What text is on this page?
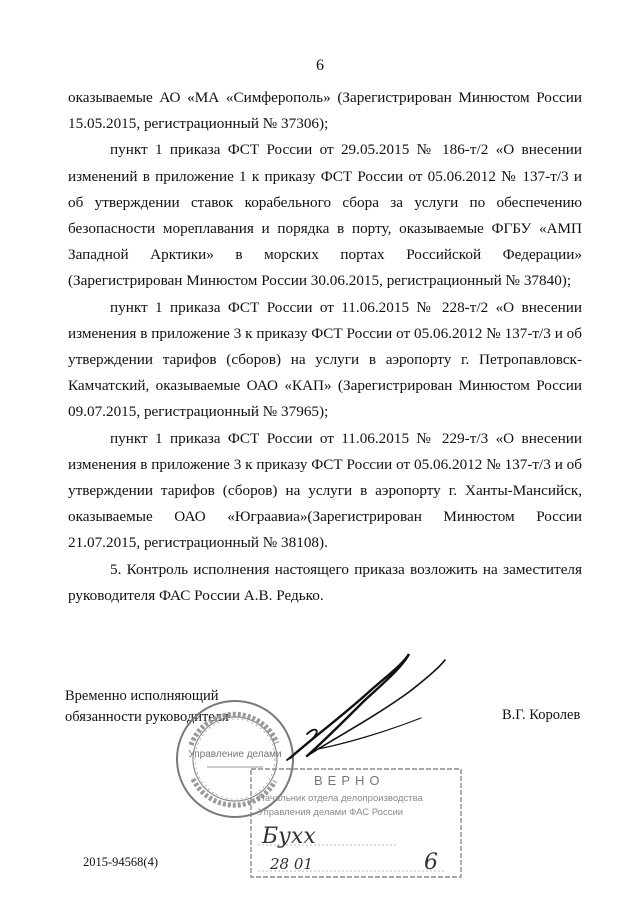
6

оказываемые АО «МА «Симферополь» (Зарегистрирован Минюстом России 15.05.2015, регистрационный № 37306);

пункт 1 приказа ФСТ России от 29.05.2015 № 186-т/2 «О внесении изменений в приложение 1 к приказу ФСТ России от 05.06.2012 № 137-т/3 и об утверждении ставок корабельного сбора за услуги по обеспечению безопасности мореплавания и порядка в порту, оказываемые ФГБУ «АМП Западной Арктики» в морских портах Российской Федерации» (Зарегистрирован Минюстом России 30.06.2015, регистрационный № 37840);

пункт 1 приказа ФСТ России от 11.06.2015 № 228-т/2 «О внесении изменения в приложение 3 к приказу ФСТ России от 05.06.2012 № 137-т/3 и об утверждении тарифов (сборов) на услуги в аэропорту г. Петропавловск-Камчатский, оказываемые ОАО «КАП» (Зарегистрирован Минюстом России 09.07.2015, регистрационный № 37965);

пункт 1 приказа ФСТ России от 11.06.2015 № 229-т/3 «О внесении изменения в приложение 3 к приказу ФСТ России от 05.06.2012 № 137-т/3 и об утверждении тарифов (сборов) на услуги в аэропорту г. Ханты-Мансийск, оказываемые ОАО «Юграавиа»(Зарегистрирован Минюстом России 21.07.2015, регистрационный № 38108).

5. Контроль исполнения настоящего приказа возложить на заместителя руководителя ФАС России А.В. Редько.

Временно исполняющий
обязанности руководителя	В.Г. Королев
Управление делами
ВЕРНО
Начальник отдела делопроизводства
Управления делами ФАС России
Бухх
28 01	6
2015-94568(4)
